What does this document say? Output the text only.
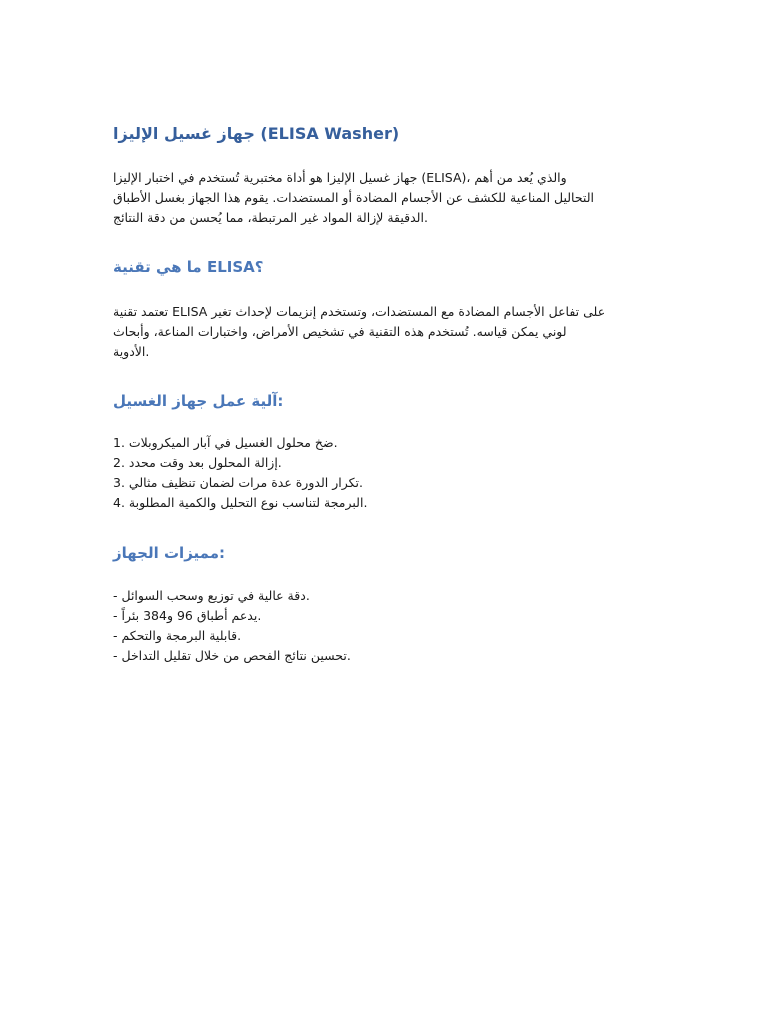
جهاز غسيل الإليزا (ELISA Washer)

جهاز غسيل الإليزا هو أداة مختبرية تُستخدم في اختبار الإليزا (ELISA)، والذي يُعد من أهم
التحاليل المناعية للكشف عن الأجسام المضادة أو المستضدات. يقوم هذا الجهاز بغسل الأطباق
الدقيقة لإزالة المواد غير المرتبطة، مما يُحسن من دقة النتائج.

ما هي تقنية ELISA؟

تعتمد تقنية ELISA على تفاعل الأجسام المضادة مع المستضدات، وتستخدم إنزيمات لإحداث تغير
لوني يمكن قياسه. تُستخدم هذه التقنية في تشخيص الأمراض، واختبارات المناعة، وأبحاث
الأدوية.

آلية عمل جهاز الغسيل:
1. ضخ محلول الغسيل في آبار الميكروبلات.
2. إزالة المحلول بعد وقت محدد.
3. تكرار الدورة عدة مرات لضمان تنظيف مثالي.
4. البرمجة لتناسب نوع التحليل والكمية المطلوبة.
مميزات الجهاز:
- دقة عالية في توزيع وسحب السوائل.
- يدعم أطباق 96 و384 بئراً.
- قابلية البرمجة والتحكم.
- تحسين نتائج الفحص من خلال تقليل التداخل.
